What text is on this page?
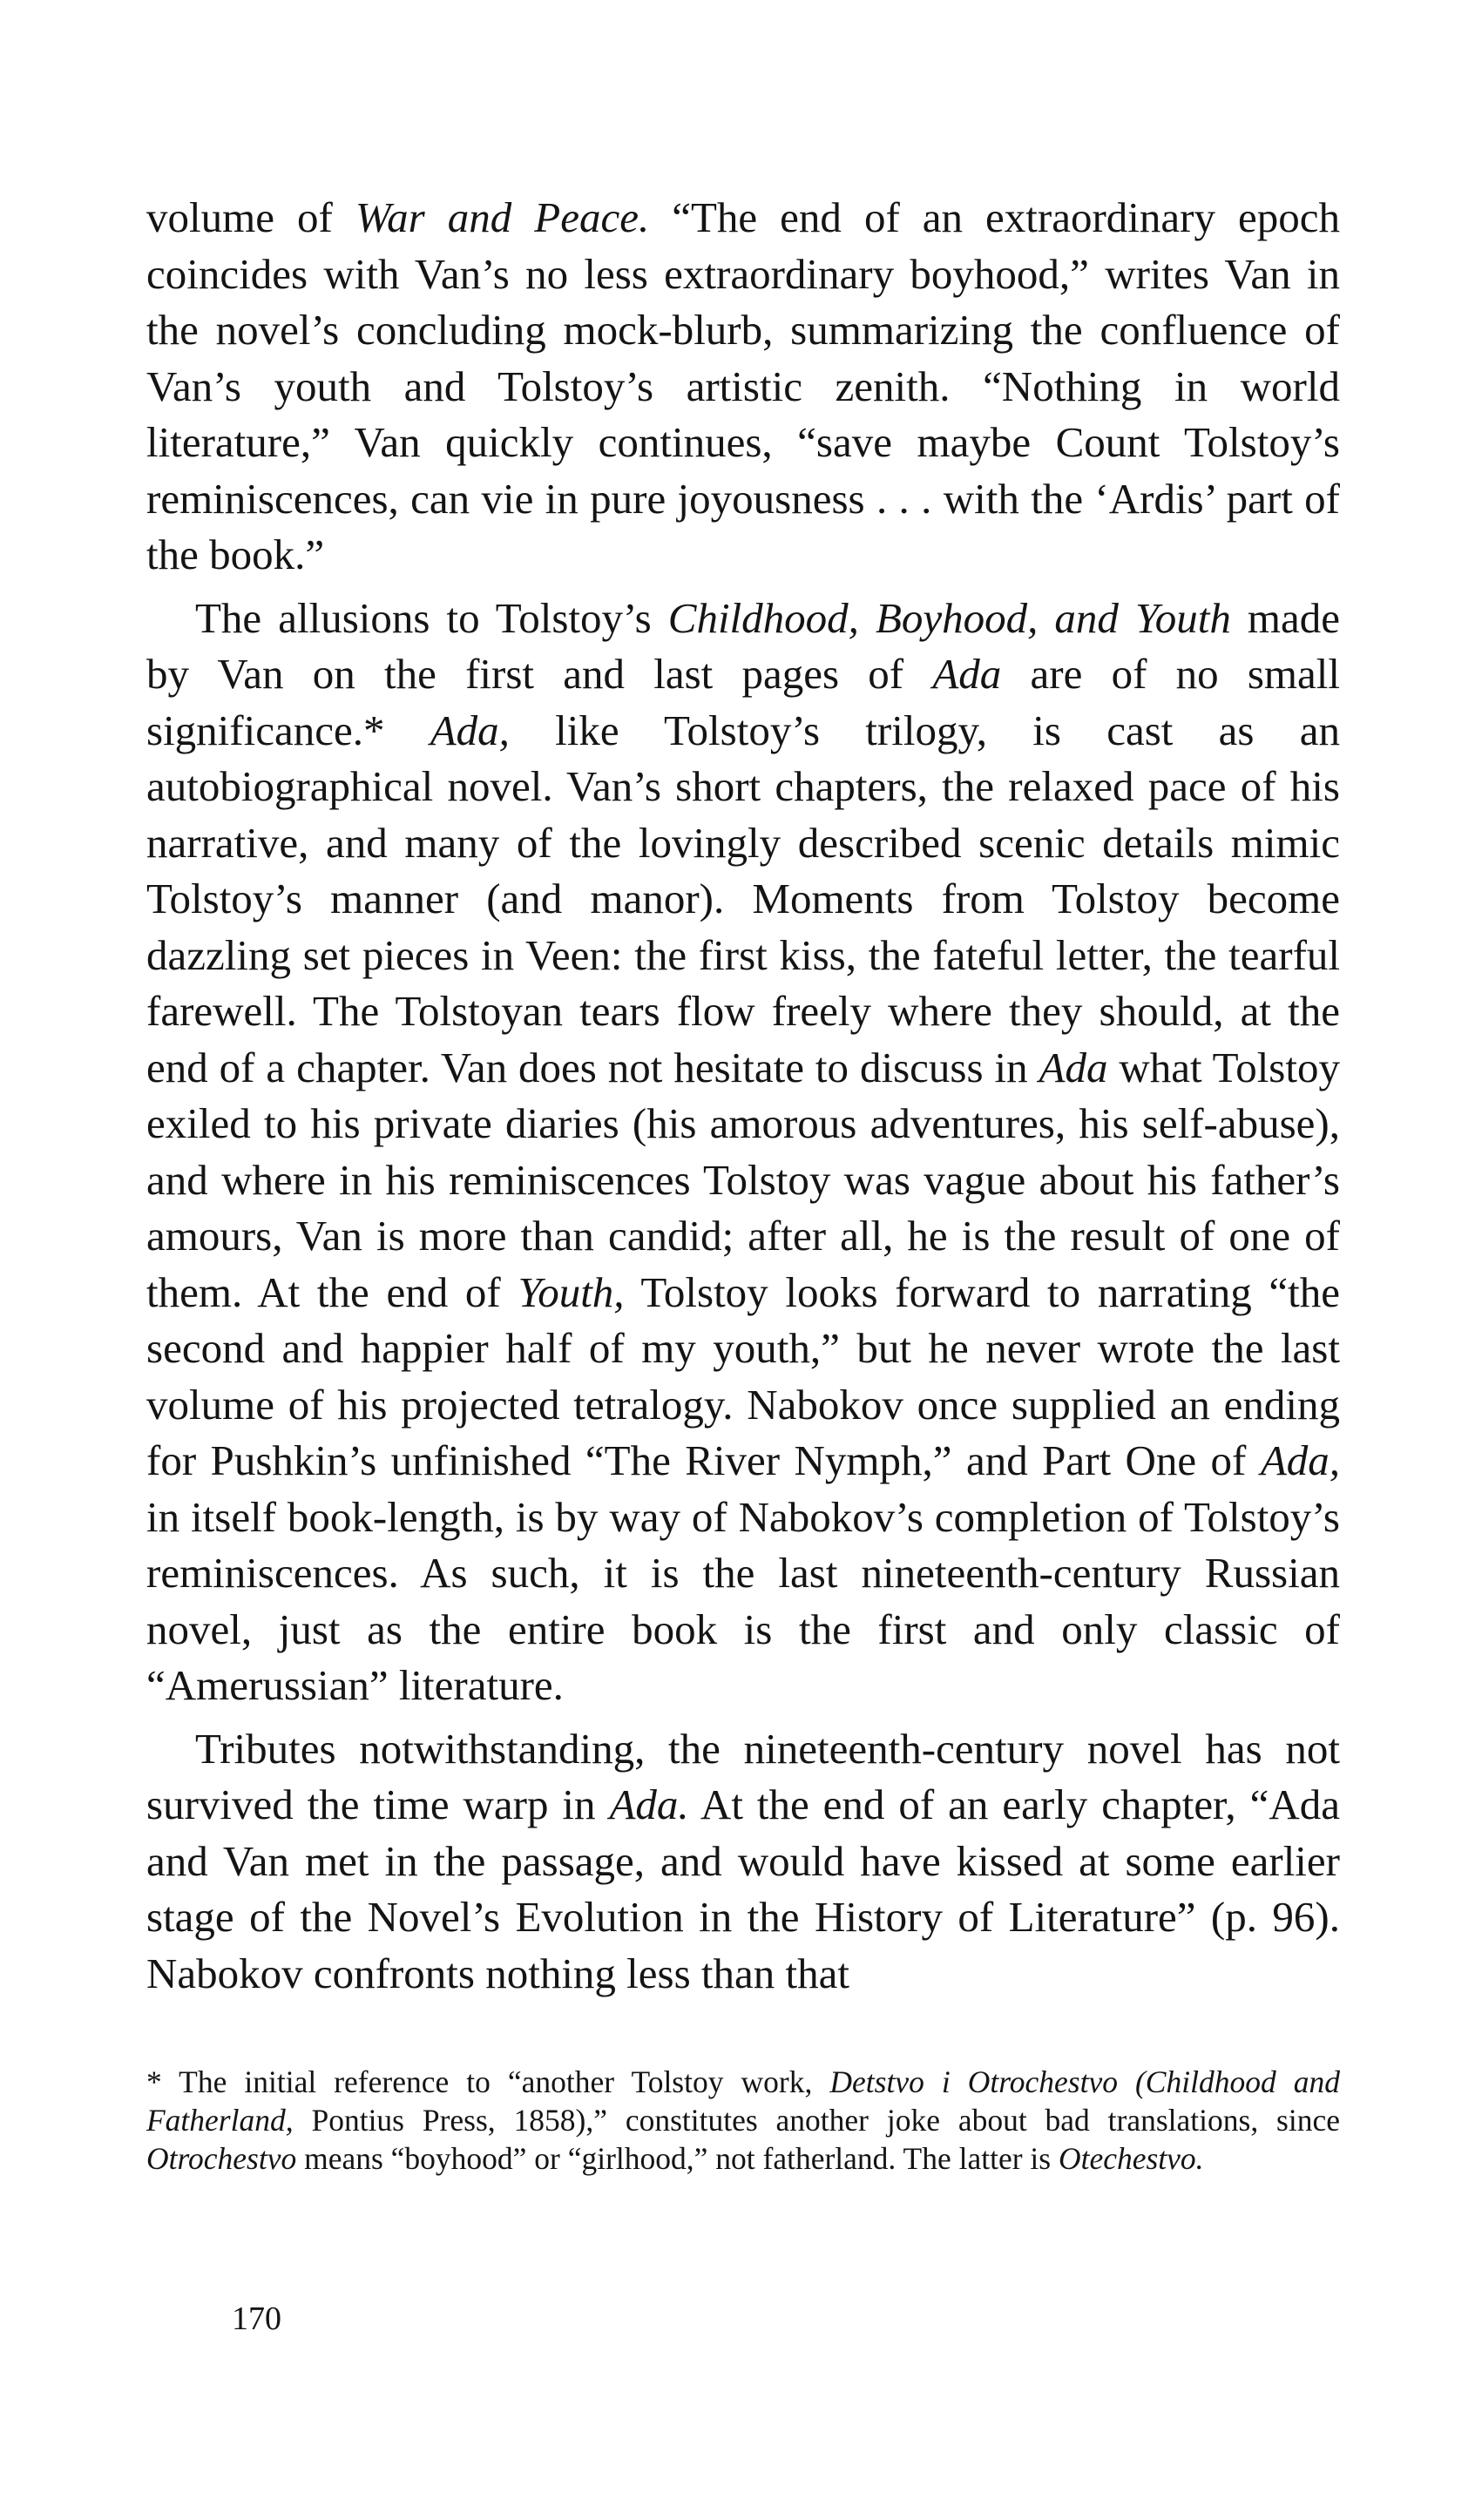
volume of War and Peace. “The end of an extraordinary epoch coincides with Van’s no less extraordinary boyhood,” writes Van in the novel’s concluding mock-blurb, summarizing the confluence of Van’s youth and Tolstoy’s artistic zenith. “Nothing in world literature,” Van quickly continues, “save maybe Count Tolstoy’s reminiscences, can vie in pure joyousness . . . with the ‘Ardis’ part of the book.”

The allusions to Tolstoy’s Childhood, Boyhood, and Youth made by Van on the first and last pages of Ada are of no small significance.* Ada, like Tolstoy’s trilogy, is cast as an autobiographical novel. Van’s short chapters, the relaxed pace of his narrative, and many of the lovingly described scenic details mimic Tolstoy’s manner (and manor). Moments from Tolstoy become dazzling set pieces in Veen: the first kiss, the fateful letter, the tearful farewell. The Tolstoyan tears flow freely where they should, at the end of a chapter. Van does not hesitate to discuss in Ada what Tolstoy exiled to his private diaries (his amorous adventures, his self-abuse), and where in his reminiscences Tolstoy was vague about his father’s amours, Van is more than candid; after all, he is the result of one of them. At the end of Youth, Tolstoy looks forward to narrating “the second and happier half of my youth,” but he never wrote the last volume of his projected tetralogy. Nabokov once supplied an ending for Pushkin’s unfinished “The River Nymph,” and Part One of Ada, in itself book-length, is by way of Nabokov’s completion of Tolstoy’s reminiscences. As such, it is the last nineteenth-century Russian novel, just as the entire book is the first and only classic of “Amerussian” literature.

Tributes notwithstanding, the nineteenth-century novel has not survived the time warp in Ada. At the end of an early chapter, “Ada and Van met in the passage, and would have kissed at some earlier stage of the Novel’s Evolution in the History of Literature” (p. 96). Nabokov confronts nothing less than that

* The initial reference to “another Tolstoy work, Detstvo i Otrochestvo (Childhood and Fatherland, Pontius Press, 1858),” constitutes another joke about bad translations, since Otrochestvo means “boyhood” or “girlhood,” not fatherland. The latter is Otechestvo.

170
